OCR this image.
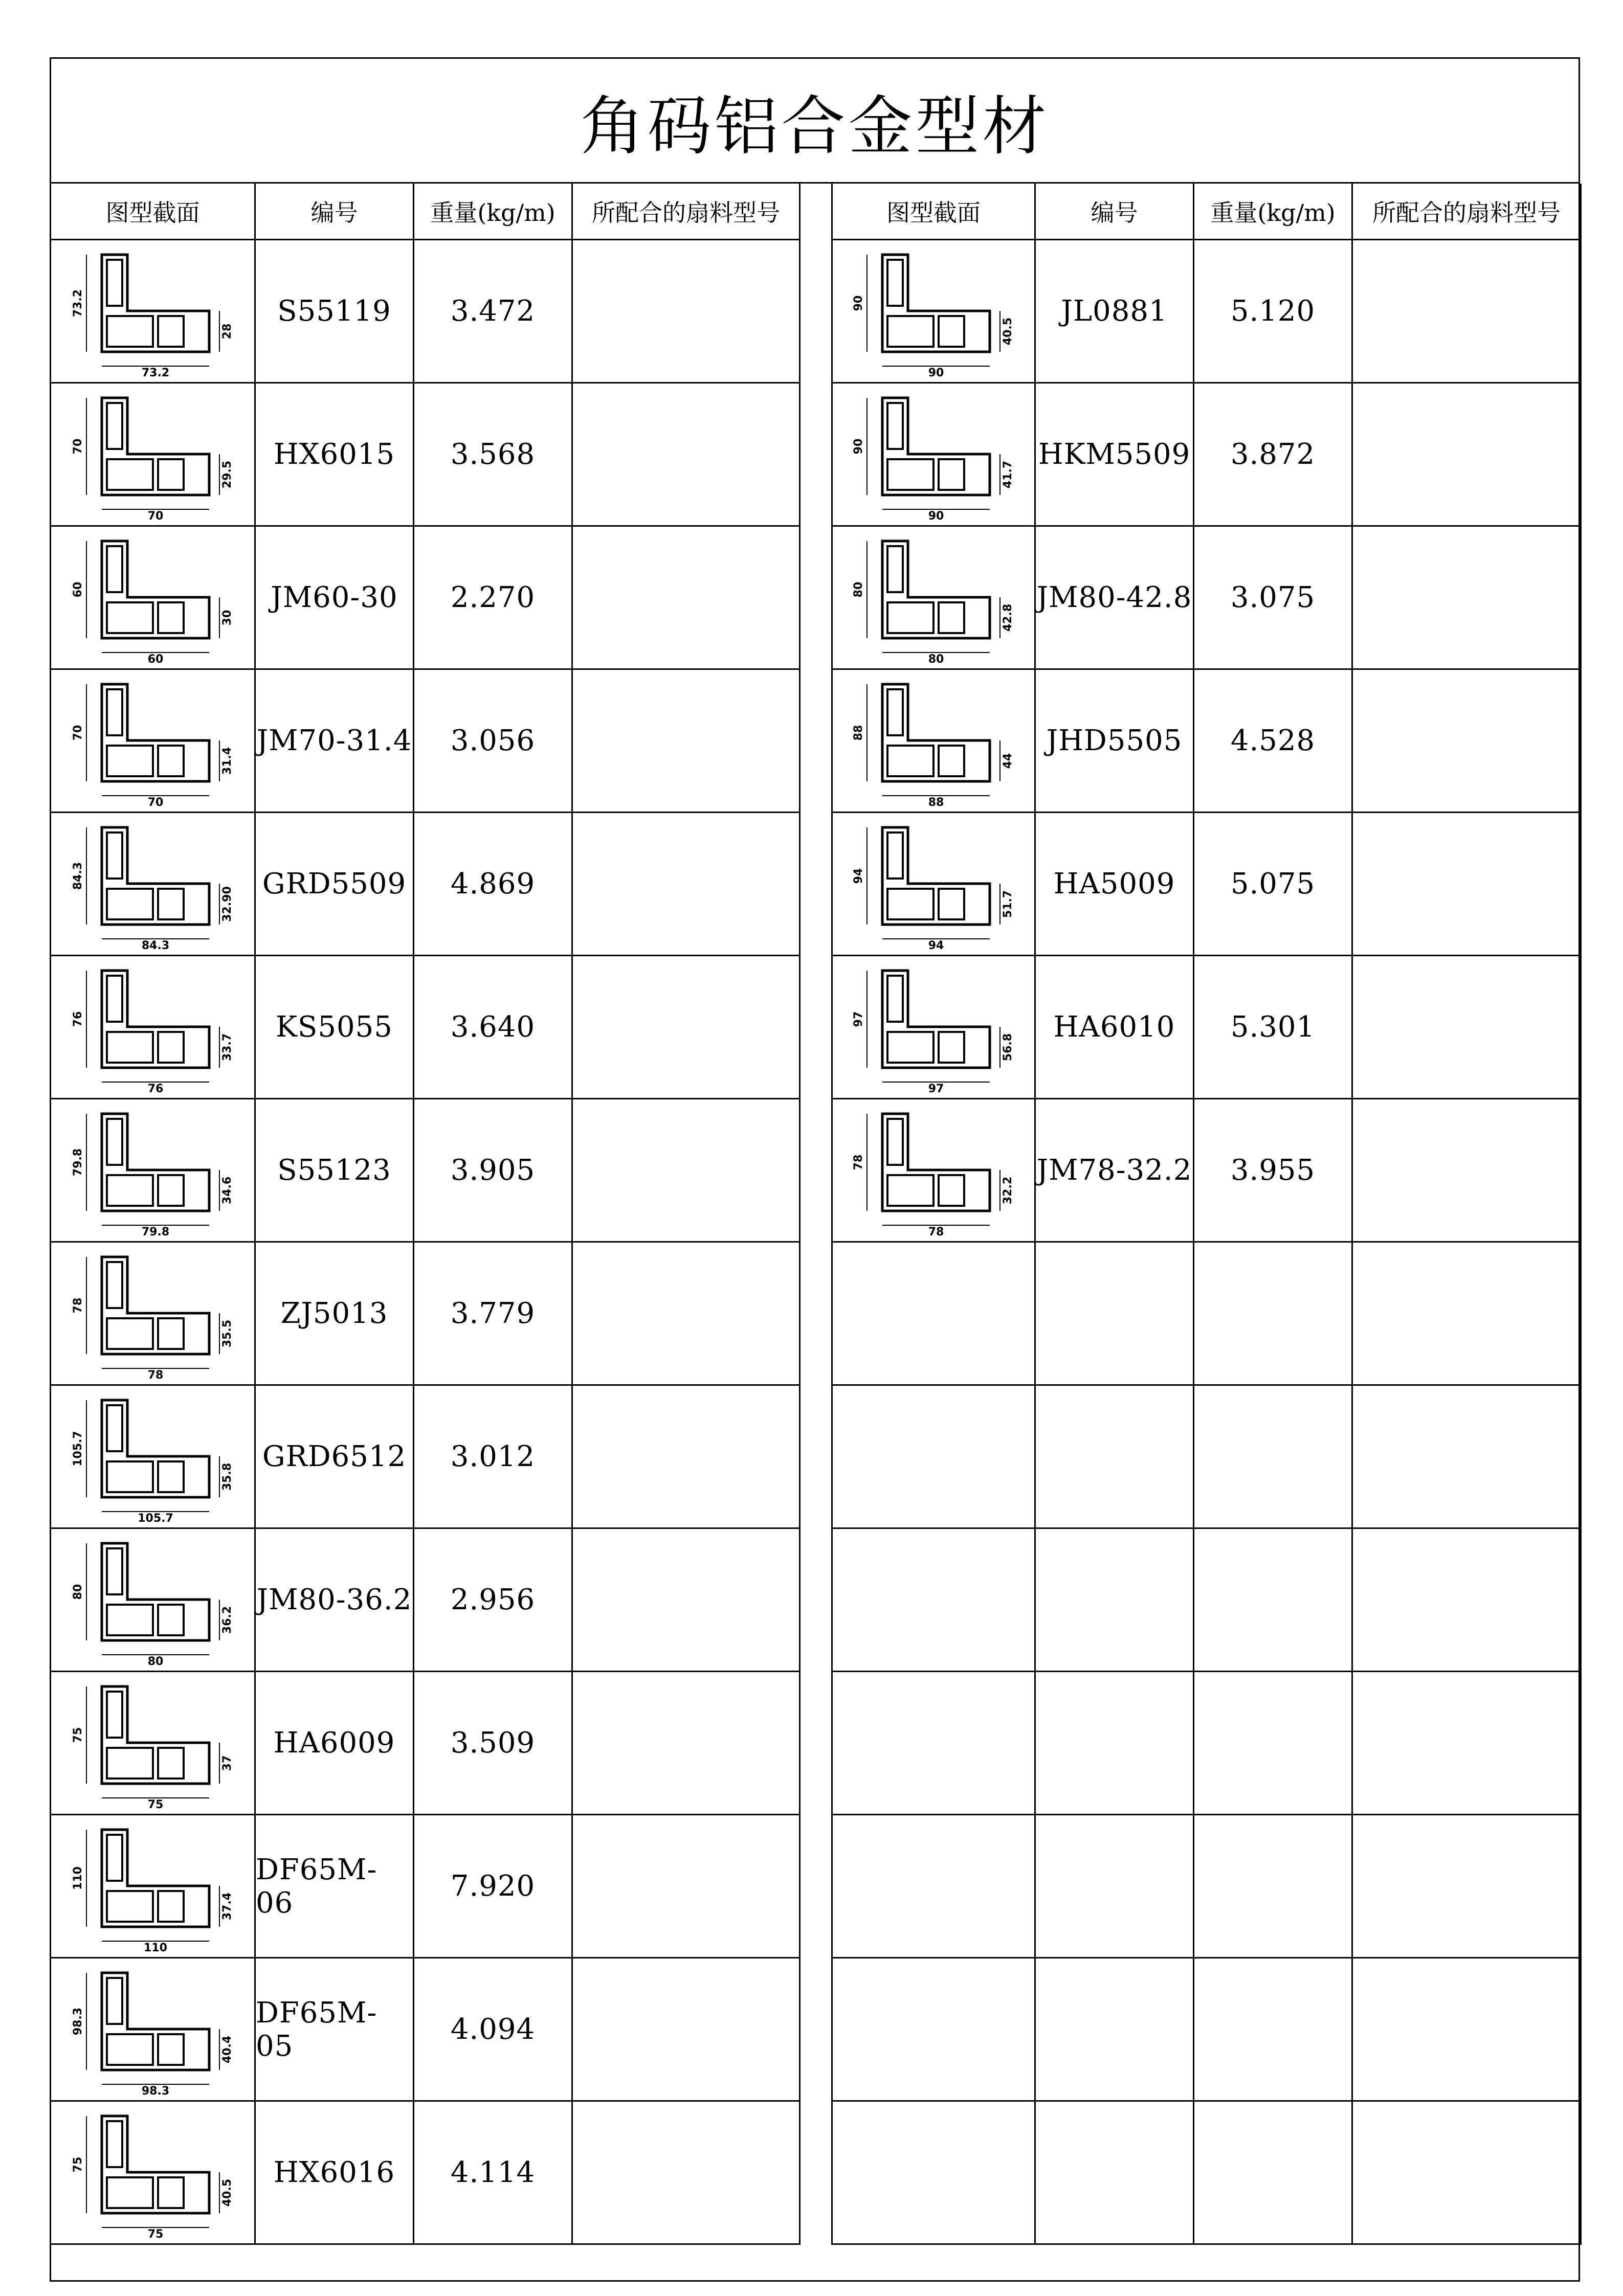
角码铝合金型材
图型截面	编号	重量(kg/m)	所配合的扇料型号
73.2
73.2
28
S55119	3.472
70
70
29.5
HX6015	3.568
60
60
30
JM60-30	2.270
70
70
31.4
JM70-31.4	3.056
84.3
84.3
32.90
GRD5509	4.869
76
76
33.7
KS5055	3.640
79.8
79.8
34.6
S55123	3.905
78
78
35.5
ZJ5013	3.779
105.7
105.7
35.8
GRD6512	3.012
80
80
36.2
JM80-36.2	2.956
75
75
37
HA6009	3.509
110
110
37.4
DF65M-06	7.920
98.3
98.3
40.4
DF65M-05	4.094
75
75
40.5
HX6016	4.114
图型截面	编号	重量(kg/m)	所配合的扇料型号
90
90
40.5
JL0881	5.120
90
90
41.7
HKM5509	3.872
80
80
42.8
JM80-42.8	3.075
88
88
44
JHD5505	4.528
94
94
51.7
HA5009	5.075
97
97
56.8
HA6010	5.301
78
78
32.2
JM78-32.2	3.955
